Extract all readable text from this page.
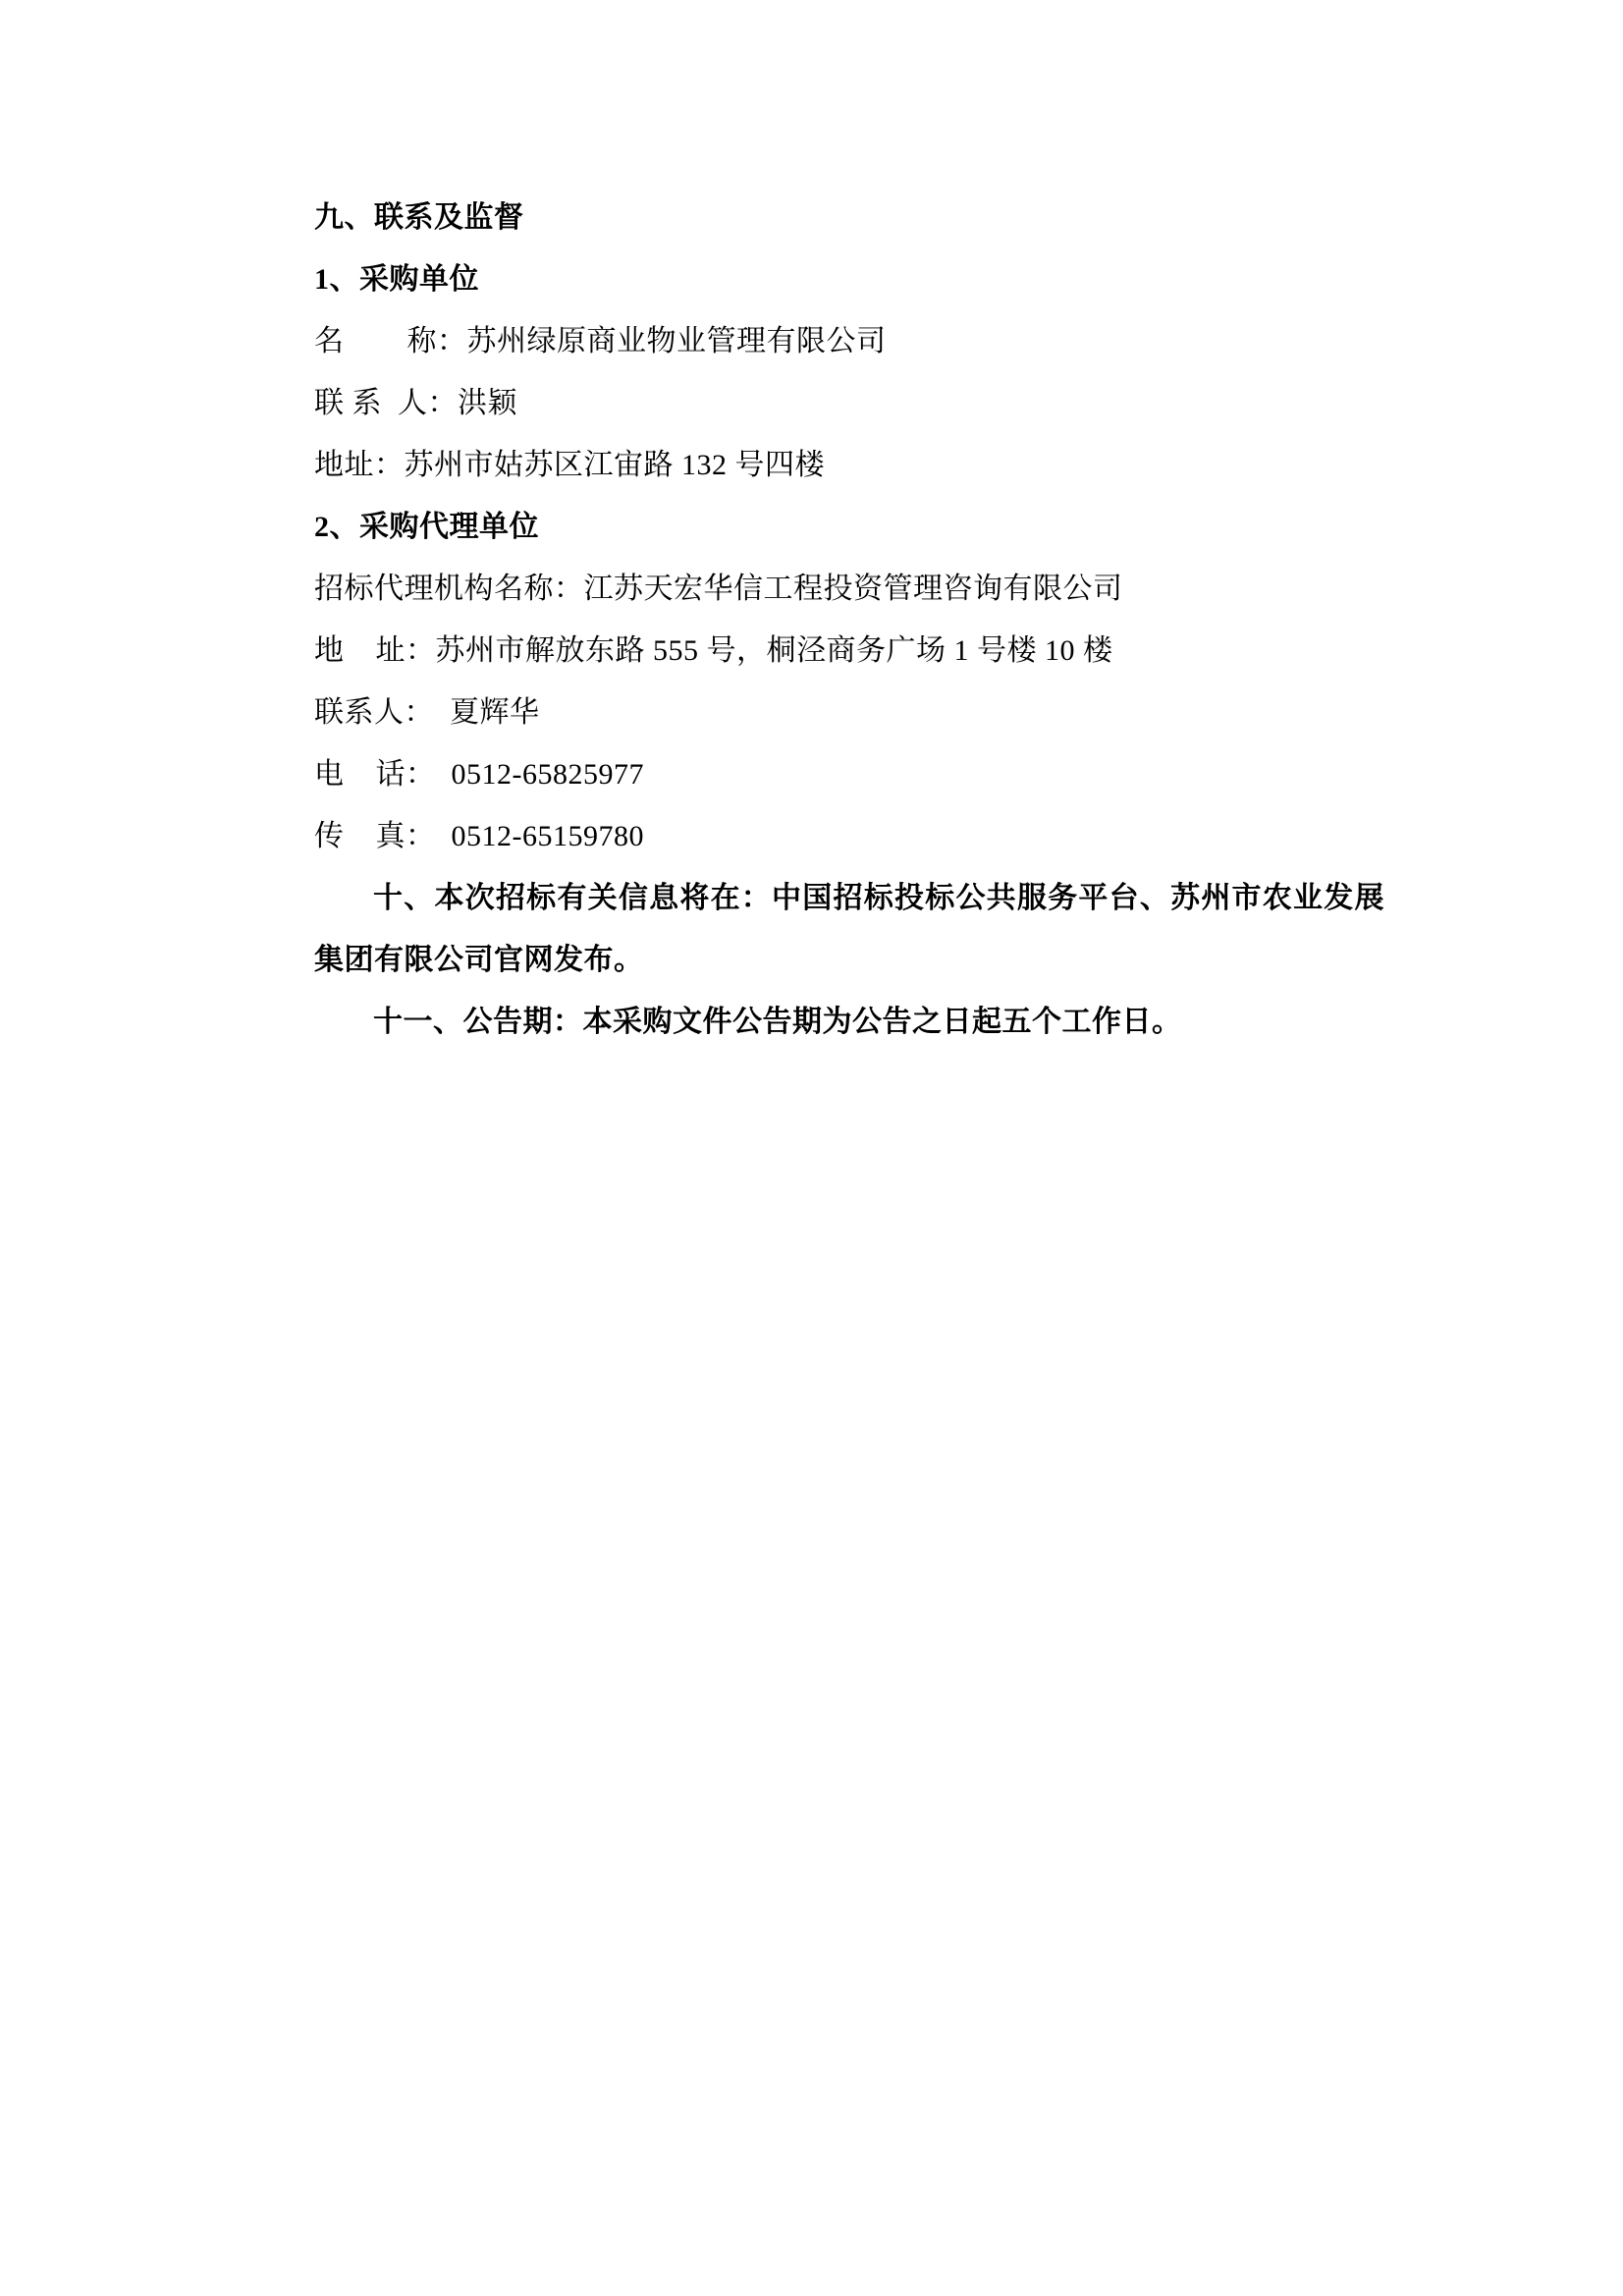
九、联系及监督
1、采购单位
名        称：苏州绿原商业物业管理有限公司
联 系  人：洪颖
地址：苏州市姑苏区江宙路 132 号四楼
2、采购代理单位
招标代理机构名称：江苏天宏华信工程投资管理咨询有限公司
地    址：苏州市解放东路 555 号，桐泾商务广场 1 号楼 10 楼
联系人：  夏辉华
电    话：  0512-65825977
传    真：  0512-65159780
十、本次招标有关信息将在：中国招标投标公共服务平台、苏州市农业发展集团有限公司官网发布。
十一、公告期：本采购文件公告期为公告之日起五个工作日。
